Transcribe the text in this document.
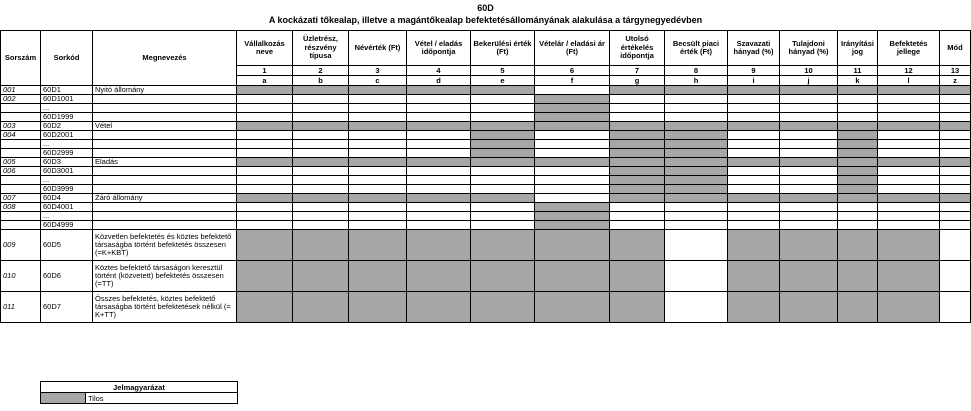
60D
A kockázati tőkealap, illetve a magántőkealap befektetésállományának alakulása a tárgynegyedévben
Sorszám	Sorkód	Megnevezés	Vállalkozás neve	Üzletrész, részvény típusa	Névérték (Ft)	Vétel / eladás időpontja	Bekerülési érték (Ft)	Vételár / eladási ár (Ft)	Utolsó értékelés időpontja	Becsült piaci érték (Ft)	Szavazati hányad (%)	Tulajdoni hányad (%)	Irányítási jog	Befektetés jellege	Mód
			1	2	3	4	5	6	7	8	9	10	11	12	13
			a	b	c	d	e	f	g	h	i	j	k	l	z
001	60D1	Nyitó állomány													
002	60D1001														
	...														
	60D1999														
003	60D2	Vétel													
004	60D2001														
	...														
	60D2999														
005	60D3	Eladás													
006	60D3001														
	...														
	60D3999														
007	60D4	Záró állomány													
008	60D4001														
	...														
	60D4999														
009	60D5	Közvetlen befektetés és köztes befektető társaságba történt befektetés összesen (=K+KBT)													
010	60D6	Köztes befektető társaságon keresztül történt (közvetett) befektetés összesen (=TT)													
011	60D7	Összes befektetés, köztes befektető társaságba történt befektetések nélkül (= K+TT)													
Jelmagyarázat
	Tilos
